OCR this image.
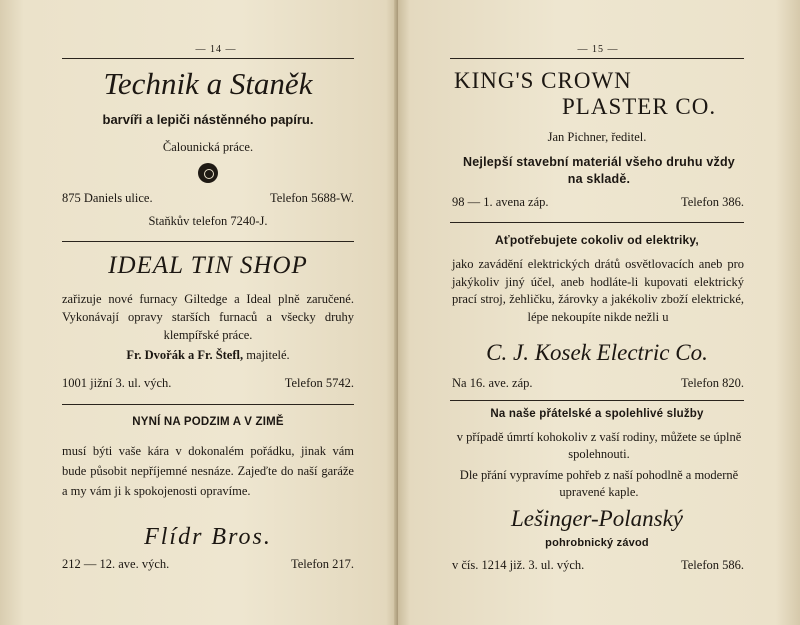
— 14 —
Technik a Staněk
barvíři a lepiči nástěnného papíru.
Čalounická práce.
875 Daniels ulice.	Telefon 5688-W.
Staňkův telefon 7240-J.
IDEAL TIN SHOP
zařizuje nové furnacy Giltedge a Ideal plně zaručené. Vykonávají opravy starších furnaců a všecky druhy klempířské práce.
Fr. Dvořák a Fr. Štefl, majitelé.
1001 jižní 3. ul. vých.	Telefon 5742.
NYNÍ NA PODZIM A V ZIMĚ
musí býti vaše kára v dokonalém pořádku, jinak vám bude působit nepříjemné nesnáze. Zajeďte do naší garáže a my vám ji k spokojenosti opravíme.
Flídr Bros.
212 — 12. ave. vých.	Telefon 217.
— 15 —
KING'S CROWN
PLASTER CO.
Jan Pichner, ředitel.
Nejlepší stavební materiál všeho druhu vždy na skladě.
98 — 1. avena záp.	Telefon 386.
Aťpotřebujete cokoliv od elektriky,
jako zavádění elektrických drátů osvětlovacích aneb pro jakýkoliv jiný účel, aneb hodláte-li kupovati elektrický prací stroj, žehličku, žárovky a jakékoliv zboží elektrické, lépe nekoupíte nikde nežli u
C. J. Kosek Electric Co.
Na 16. ave. záp.	Telefon 820.
Na naše přátelské a spolehlivé služby
v případě úmrtí kohokoliv z vaší rodiny, můžete se úplně spolehnouti.
Dle přání vypravíme pohřeb z naší pohodlně a moderně upravené kaple.
Lešinger-Polanský
pohrobnický závod
v čís. 1214 již. 3. ul. vých.	Telefon 586.
